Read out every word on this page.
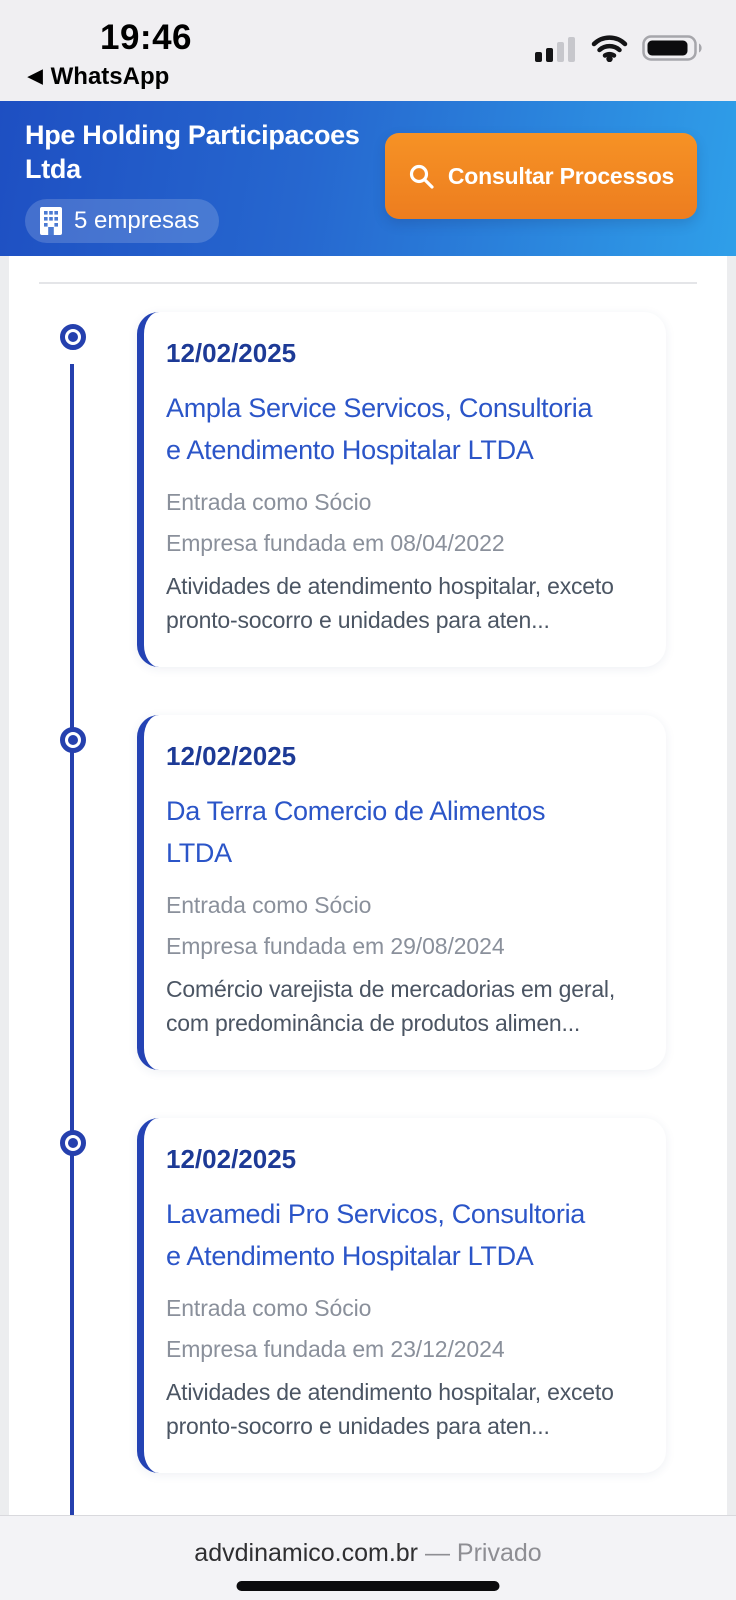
19:46
◀ WhatsApp
Hpe Holding Participacoes
Ltda
5 empresas
Consultar Processos
12/02/2025
Ampla Service Servicos, Consultoria
e Atendimento Hospitalar LTDA
Entrada como Sócio
Empresa fundada em 08/04/2022
Atividades de atendimento hospitalar, exceto
pronto-socorro e unidades para aten...
12/02/2025
Da Terra Comercio de Alimentos
LTDA
Entrada como Sócio
Empresa fundada em 29/08/2024
Comércio varejista de mercadorias em geral,
com predominância de produtos alimen...
12/02/2025
Lavamedi Pro Servicos, Consultoria
e Atendimento Hospitalar LTDA
Entrada como Sócio
Empresa fundada em 23/12/2024
Atividades de atendimento hospitalar, exceto
pronto-socorro e unidades para aten...
advdinamico.com.br — Privado
